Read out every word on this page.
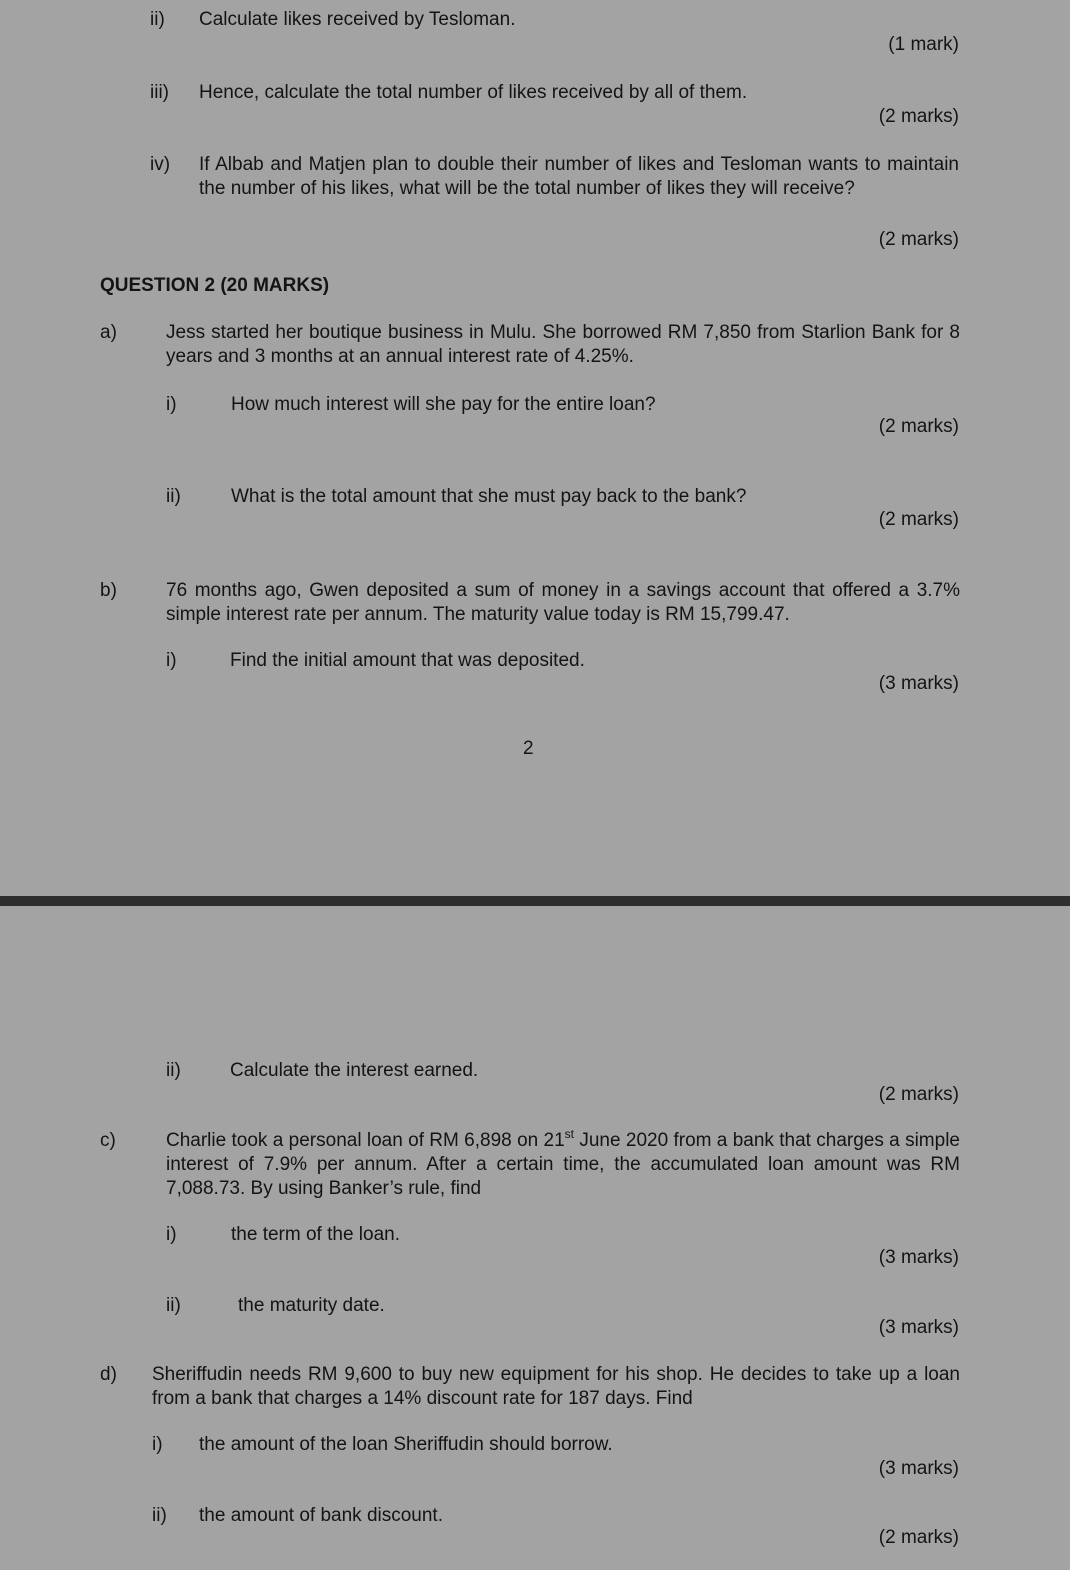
ii) Calculate likes received by Tesloman.
(1 mark)
iii) Hence, calculate the total number of likes received by all of them.
(2 marks)
iv) If Albab and Matjen plan to double their number of likes and Tesloman wants to maintain the number of his likes, what will be the total number of likes they will receive?
(2 marks)
QUESTION 2 (20 MARKS)
a)	Jess started her boutique business in Mulu. She borrowed RM 7,850 from Starlion Bank for 8 years and 3 months at an annual interest rate of 4.25%.
i)	How much interest will she pay for the entire loan?
(2 marks)
ii)	What is the total amount that she must pay back to the bank?
(2 marks)
b)	76 months ago, Gwen deposited a sum of money in a savings account that offered a 3.7% simple interest rate per annum. The maturity value today is RM 15,799.47.
i)	Find the initial amount that was deposited.
(3 marks)
2
ii)	Calculate the interest earned.
(2 marks)
c)	Charlie took a personal loan of RM 6,898 on 21st June 2020 from a bank that charges a simple interest of 7.9% per annum. After a certain time, the accumulated loan amount was RM 7,088.73. By using Banker’s rule, find
i)	the term of the loan.
(3 marks)
ii)	the maturity date.
(3 marks)
d) Sheriffudin needs RM 9,600 to buy new equipment for his shop. He decides to take up a loan from a bank that charges a 14% discount rate for 187 days. Find
i) the amount of the loan Sheriffudin should borrow.
(3 marks)
ii) the amount of bank discount.
(2 marks)
